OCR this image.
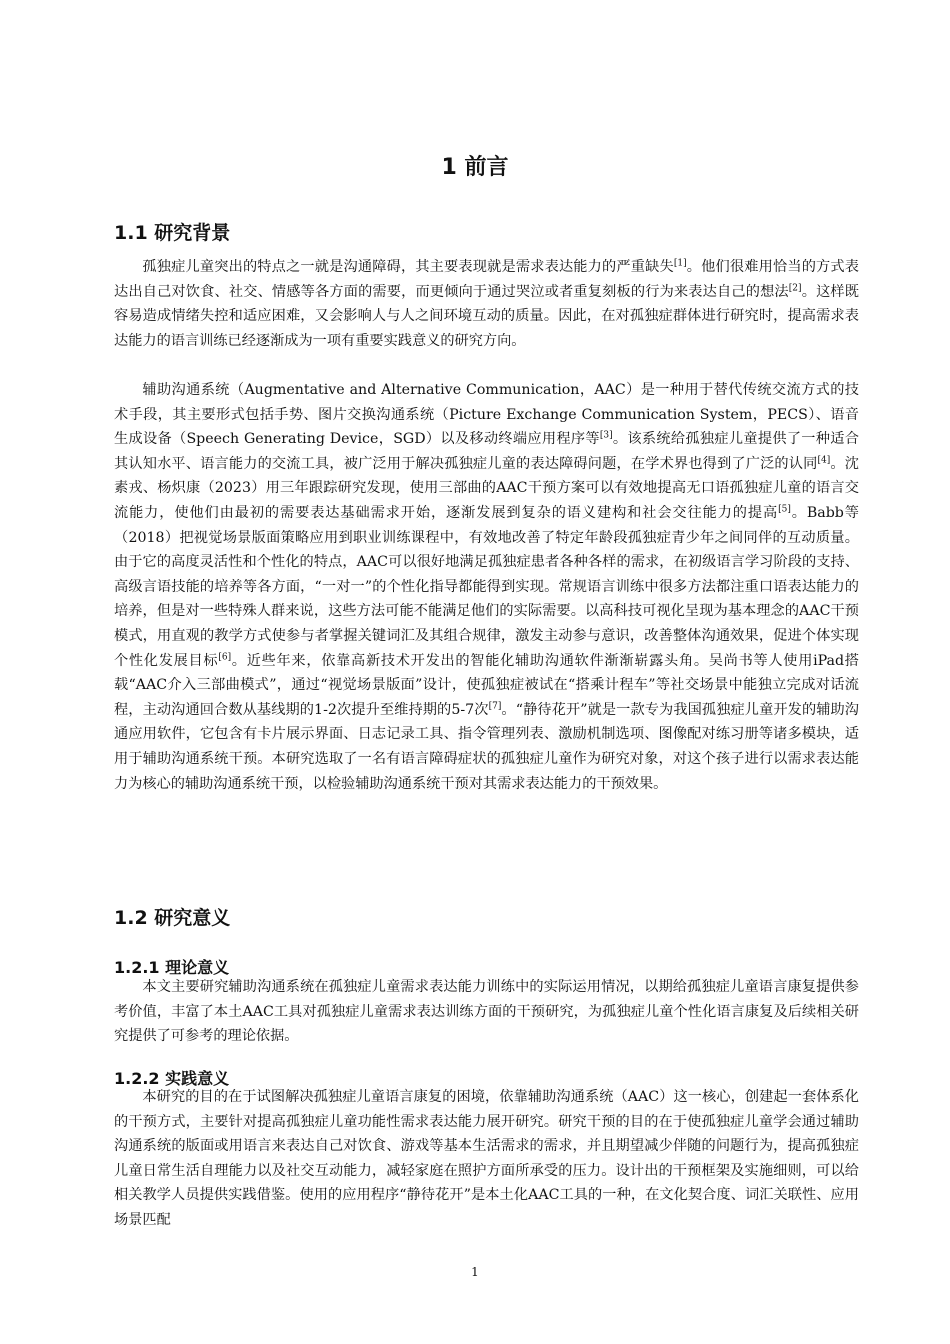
1 前言
1.1 研究背景

孤独症儿童突出的特点之一就是沟通障碍，其主要表现就是需求表达能力的严重缺失[1]。他们很难用恰当的方式表达出自己对饮食、社交、情感等各方面的需要，而更倾向于通过哭泣或者重复刻板的行为来表达自己的想法[2]。这样既容易造成情绪失控和适应困难，又会影响人与人之间环境互动的质量。因此，在对孤独症群体进行研究时，提高需求表达能力的语言训练已经逐渐成为一项有重要实践意义的研究方向。

辅助沟通系统（Augmentative and Alternative Communication，AAC）是一种用于替代传统交流方式的技术手段，其主要形式包括手势、图片交换沟通系统（Picture Exchange Communication System，PECS）、语音生成设备（Speech Generating Device，SGD）以及移动终端应用程序等[3]。该系统给孤独症儿童提供了一种适合其认知水平、语言能力的交流工具，被广泛用于解决孤独症儿童的表达障碍问题，在学术界也得到了广泛的认同[4]。沈素戎、杨炽康（2023）用三年跟踪研究发现，使用三部曲的AAC干预方案可以有效地提高无口语孤独症儿童的语言交流能力，使他们由最初的需要表达基础需求开始，逐渐发展到复杂的语义建构和社会交往能力的提高[5]。Babb等（2018）把视觉场景版面策略应用到职业训练课程中，有效地改善了特定年龄段孤独症青少年之间同伴的互动质量。由于它的高度灵活性和个性化的特点，AAC可以很好地满足孤独症患者各种各样的需求，在初级语言学习阶段的支持、高级言语技能的培养等各方面，“一对一”的个性化指导都能得到实现。常规语言训练中很多方法都注重口语表达能力的培养，但是对一些特殊人群来说，这些方法可能不能满足他们的实际需要。以高科技可视化呈现为基本理念的AAC干预模式，用直观的教学方式使参与者掌握关键词汇及其组合规律，激发主动参与意识，改善整体沟通效果，促进个体实现个性化发展目标[6]。近些年来，依靠高新技术开发出的智能化辅助沟通软件渐渐崭露头角。吴尚书等人使用iPad搭载“AAC介入三部曲模式”，通过“视觉场景版面”设计，使孤独症被试在“搭乘计程车”等社交场景中能独立完成对话流程，主动沟通回合数从基线期的1-2次提升至维持期的5-7次[7]。“静待花开”就是一款专为我国孤独症儿童开发的辅助沟通应用软件，它包含有卡片展示界面、日志记录工具、指令管理列表、激励机制选项、图像配对练习册等诸多模块，适用于辅助沟通系统干预。本研究选取了一名有语言障碍症状的孤独症儿童作为研究对象，对这个孩子进行以需求表达能力为核心的辅助沟通系统干预，以检验辅助沟通系统干预对其需求表达能力的干预效果。

1.2 研究意义
1.2.1 理论意义

本文主要研究辅助沟通系统在孤独症儿童需求表达能力训练中的实际运用情况，以期给孤独症儿童语言康复提供参考价值，丰富了本土AAC工具对孤独症儿童需求表达训练方面的干预研究，为孤独症儿童个性化语言康复及后续相关研究提供了可参考的理论依据。

1.2.2 实践意义

本研究的目的在于试图解决孤独症儿童语言康复的困境，依靠辅助沟通系统（AAC）这一核心，创建起一套体系化的干预方式，主要针对提高孤独症儿童功能性需求表达能力展开研究。研究干预的目的在于使孤独症儿童学会通过辅助沟通系统的版面或用语言来表达自己对饮食、游戏等基本生活需求的需求，并且期望减少伴随的问题行为，提高孤独症儿童日常生活自理能力以及社交互动能力，减轻家庭在照护方面所承受的压力。设计出的干预框架及实施细则，可以给相关教学人员提供实践借鉴。使用的应用程序“静待花开”是本土化AAC工具的一种，在文化契合度、词汇关联性、应用场景匹配

1
